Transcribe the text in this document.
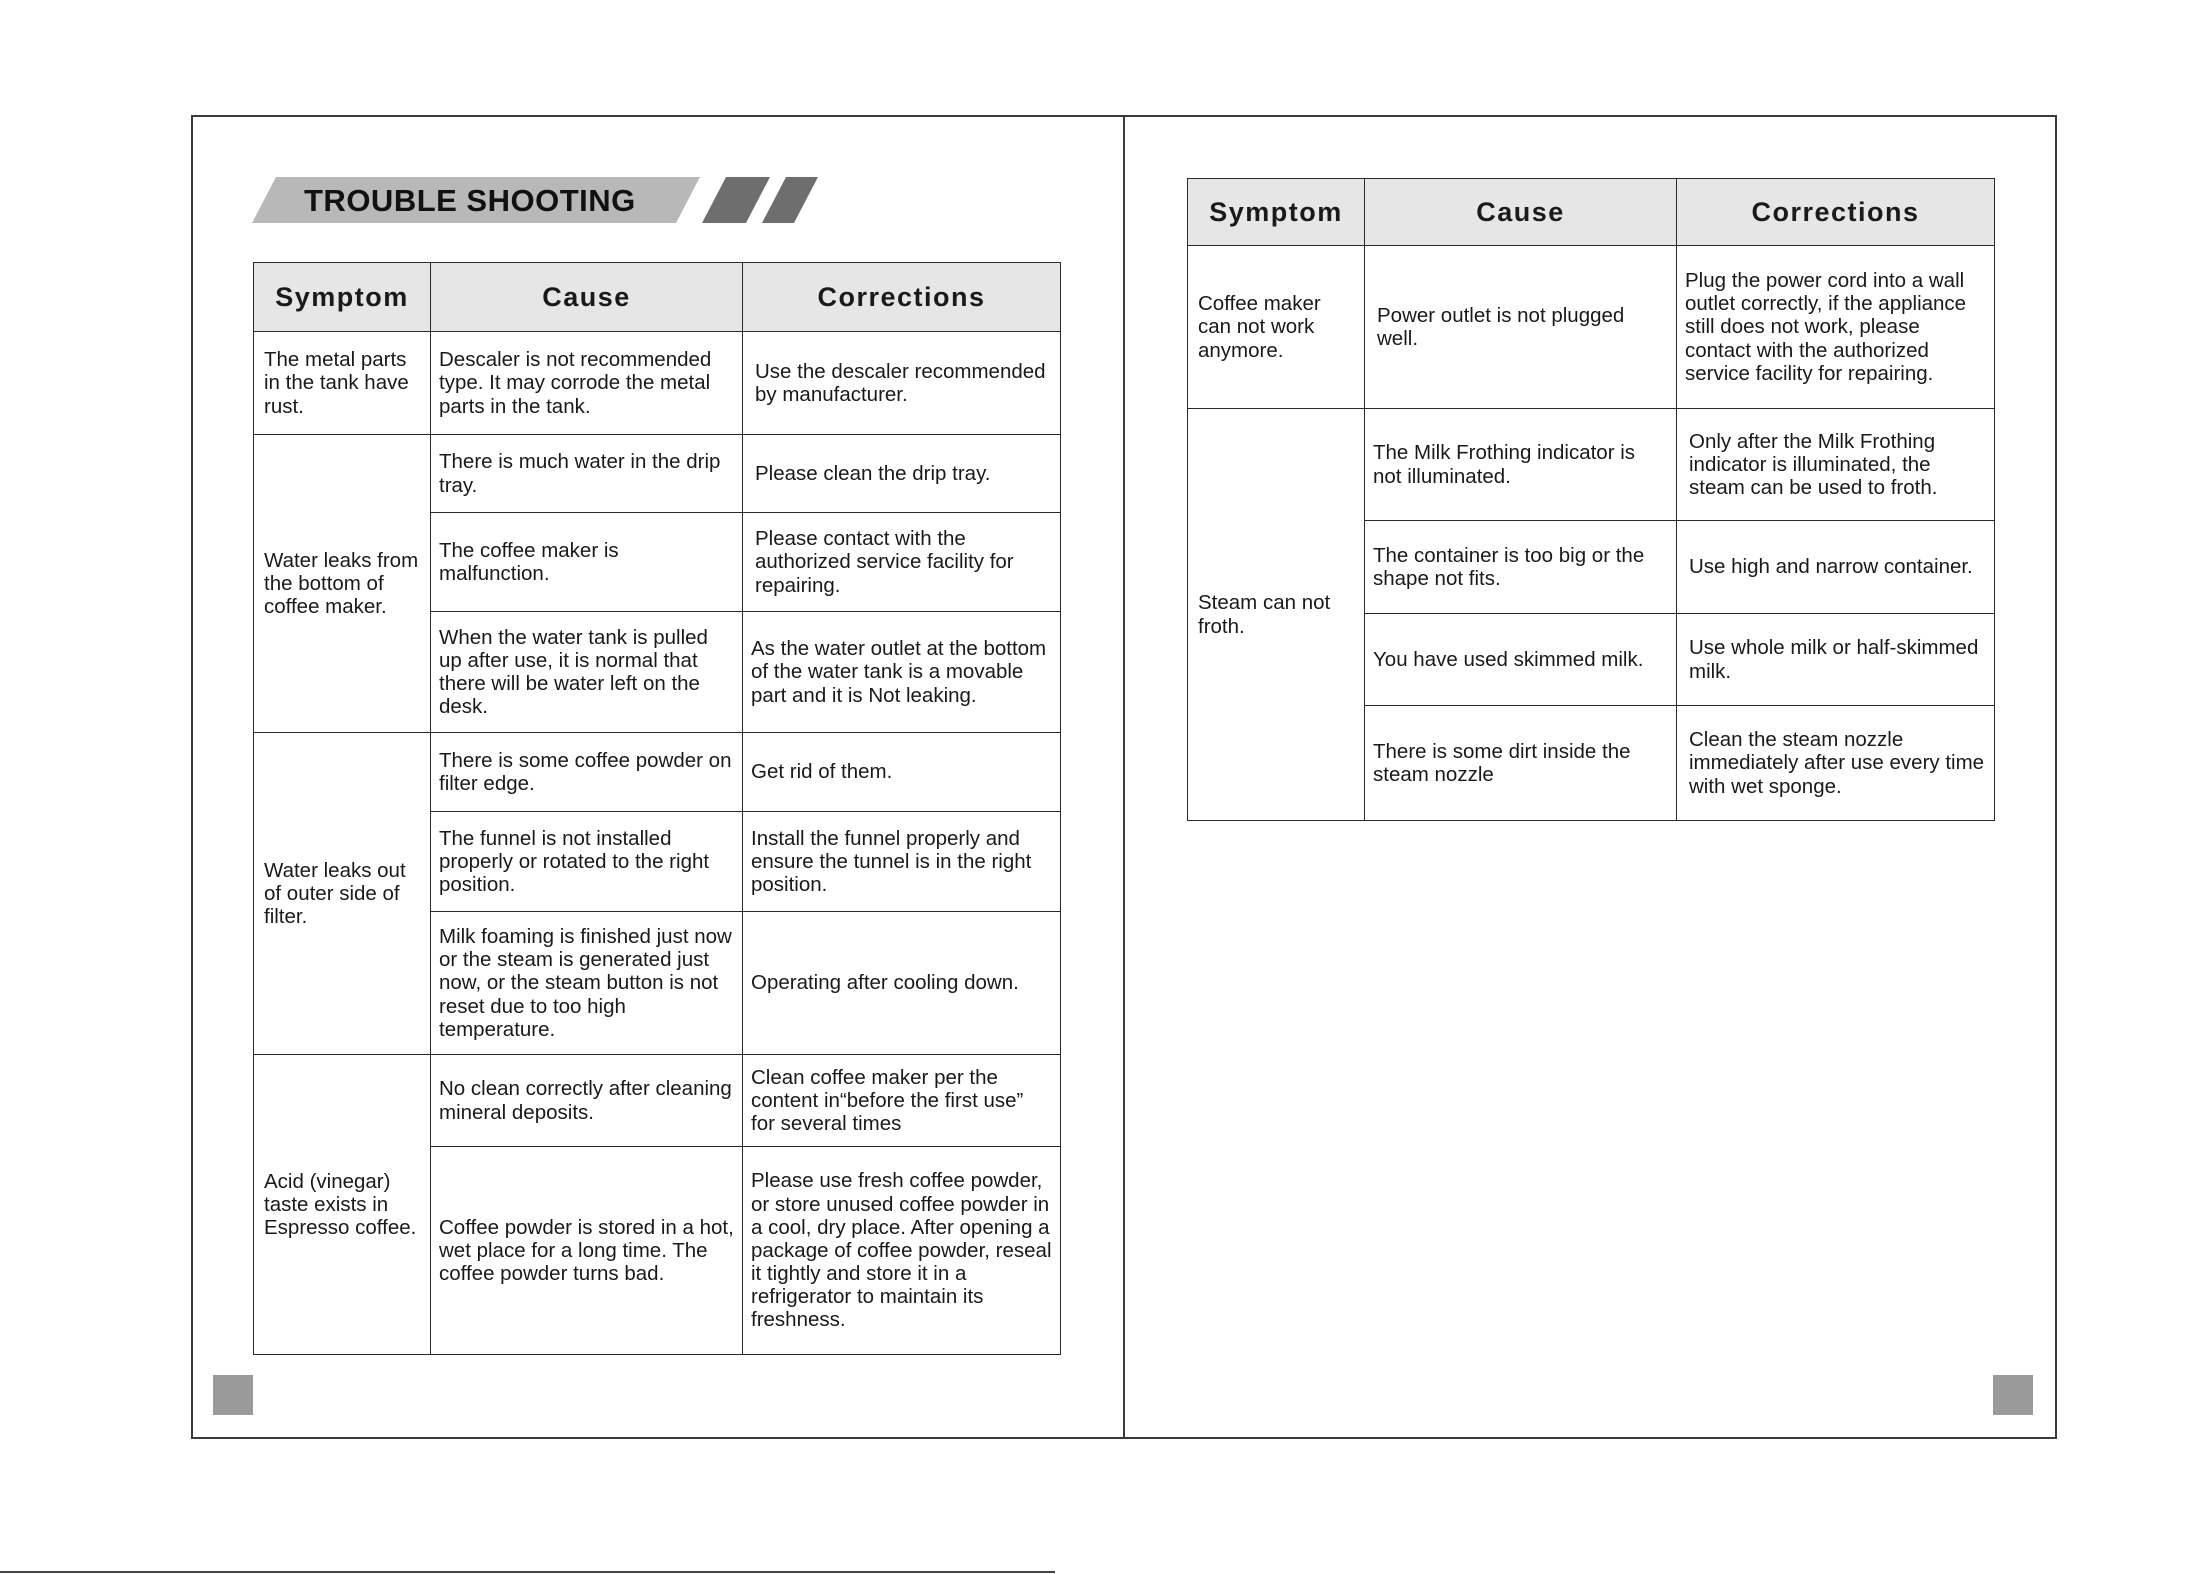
TROUBLE SHOOTING
Symptom	Cause	Corrections
The metal parts in the tank have rust.	Descaler is not recommended type. It may corrode the metal parts in the tank.	Use the descaler recommended by manufacturer.
Water leaks from the bottom of coffee maker.	There is much water in the drip tray.	Please clean the drip tray.
	The coffee maker is malfunction.	Please contact with the authorized service facility for repairing.
	When the water tank is pulled up after use, it is normal that there will be water left on the desk.	As the water outlet at the bottom of the water tank is a movable part and it is Not leaking.
Water leaks out of outer side of filter.	There is some coffee powder on filter edge.	Get rid of them.
	The funnel is not installed properly or rotated to the right position.	Install the funnel properly and ensure the tunnel is in the right position.
	Milk foaming is finished just now or the steam is generated just now, or the steam button is not reset due to too high temperature.	Operating after cooling down.
Acid (vinegar) taste exists in Espresso coffee.	No clean correctly after cleaning mineral deposits.	Clean coffee maker per the content in“before the first use” for several times
	Coffee powder is stored in a hot, wet place for a long time. The coffee powder turns bad.	Please use fresh coffee powder, or store unused coffee powder in a cool, dry place. After opening a package of coffee powder, reseal it tightly and store it in a refrigerator to maintain its freshness.
Symptom	Cause	Corrections
Coffee maker can not work anymore.	Power outlet is not plugged well.	Plug the power cord into a wall outlet correctly, if the appliance still does not work, please contact with the authorized service facility for repairing.
Steam can not froth.	The Milk Frothing indicator is not illuminated.	Only after the Milk Frothing indicator is illuminated, the steam can be used to froth.
	The container is too big or the shape not fits.	Use high and narrow container.
	You have used skimmed milk.	Use whole milk or half-skimmed milk.
	There is some dirt inside the steam nozzle	Clean the steam nozzle immediately after use every time with wet sponge.
